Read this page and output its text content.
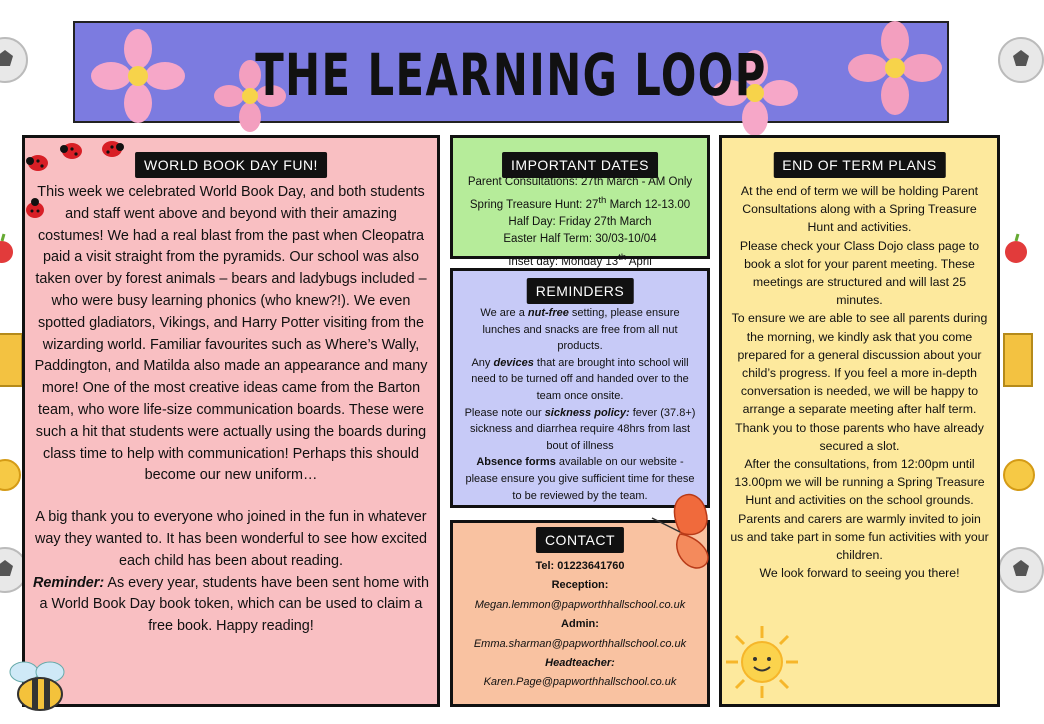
THE LEARNING LOOP
WORLD BOOK DAY FUN!

This week we celebrated World Book Day, and both students and staff went above and beyond with their amazing costumes! We had a real blast from the past when Cleopatra paid a visit straight from the pyramids. Our school was also taken over by forest animals – bears and ladybugs included – who were busy learning phonics (who knew?!). We even spotted gladiators, Vikings, and Harry Potter visiting from the wizarding world. Familiar favourites such as Where’s Wally, Paddington, and Matilda also made an appearance and many more! One of the most creative ideas came from the Barton team, who wore life-size communication boards. These were such a hit that students were actually using the boards during class time to help with communication! Perhaps this should become our new uniform…

A big thank you to everyone who joined in the fun in whatever way they wanted to. It has been wonderful to see how excited each child has been about reading.

Reminder: As every year, students have been sent home with a World Book Day book token, which can be used to claim a free book. Happy reading!

IMPORTANT DATES

Parent Consultations: 27th March - AM Only

Spring Treasure Hunt: 27th March 12-13.00

Half Day: Friday 27th March

Easter Half Term: 30/03-10/04

Inset day: Monday 13th April

REMINDERS

We are a nut-free setting, please ensure lunches and snacks are free from all nut products.

Any devices that are brought into school will need to be turned off and handed over to the team once onsite.

Please note our sickness policy: fever (37.8+) sickness and diarrhea require 48hrs from last bout of illness

Absence forms available on our website - please ensure you give sufficient time for these to be reviewed by the team.

CONTACT

Tel: 01223641760

Reception:

Megan.lemmon@papworthhallschool.co.uk

Admin:

Emma.sharman@papworthhallschool.co.uk

Headteacher:

Karen.Page@papworthhallschool.co.uk

END OF TERM PLANS

At the end of term we will be holding Parent Consultations along with a Spring Treasure Hunt and activities.

Please check your Class Dojo class page to book a slot for your parent meeting. These meetings are structured and will last 25 minutes.

To ensure we are able to see all parents during the morning, we kindly ask that you come prepared for a general discussion about your child’s progress. If you feel a more in-depth conversation is needed, we will be happy to arrange a separate meeting after half term.

Thank you to those parents who have already secured a slot.

After the consultations, from 12:00pm until 13.00pm we will be running a Spring Treasure Hunt and activities on the school grounds. Parents and carers are warmly invited to join us and take part in some fun activities with your children.

We look forward to seeing you there!
